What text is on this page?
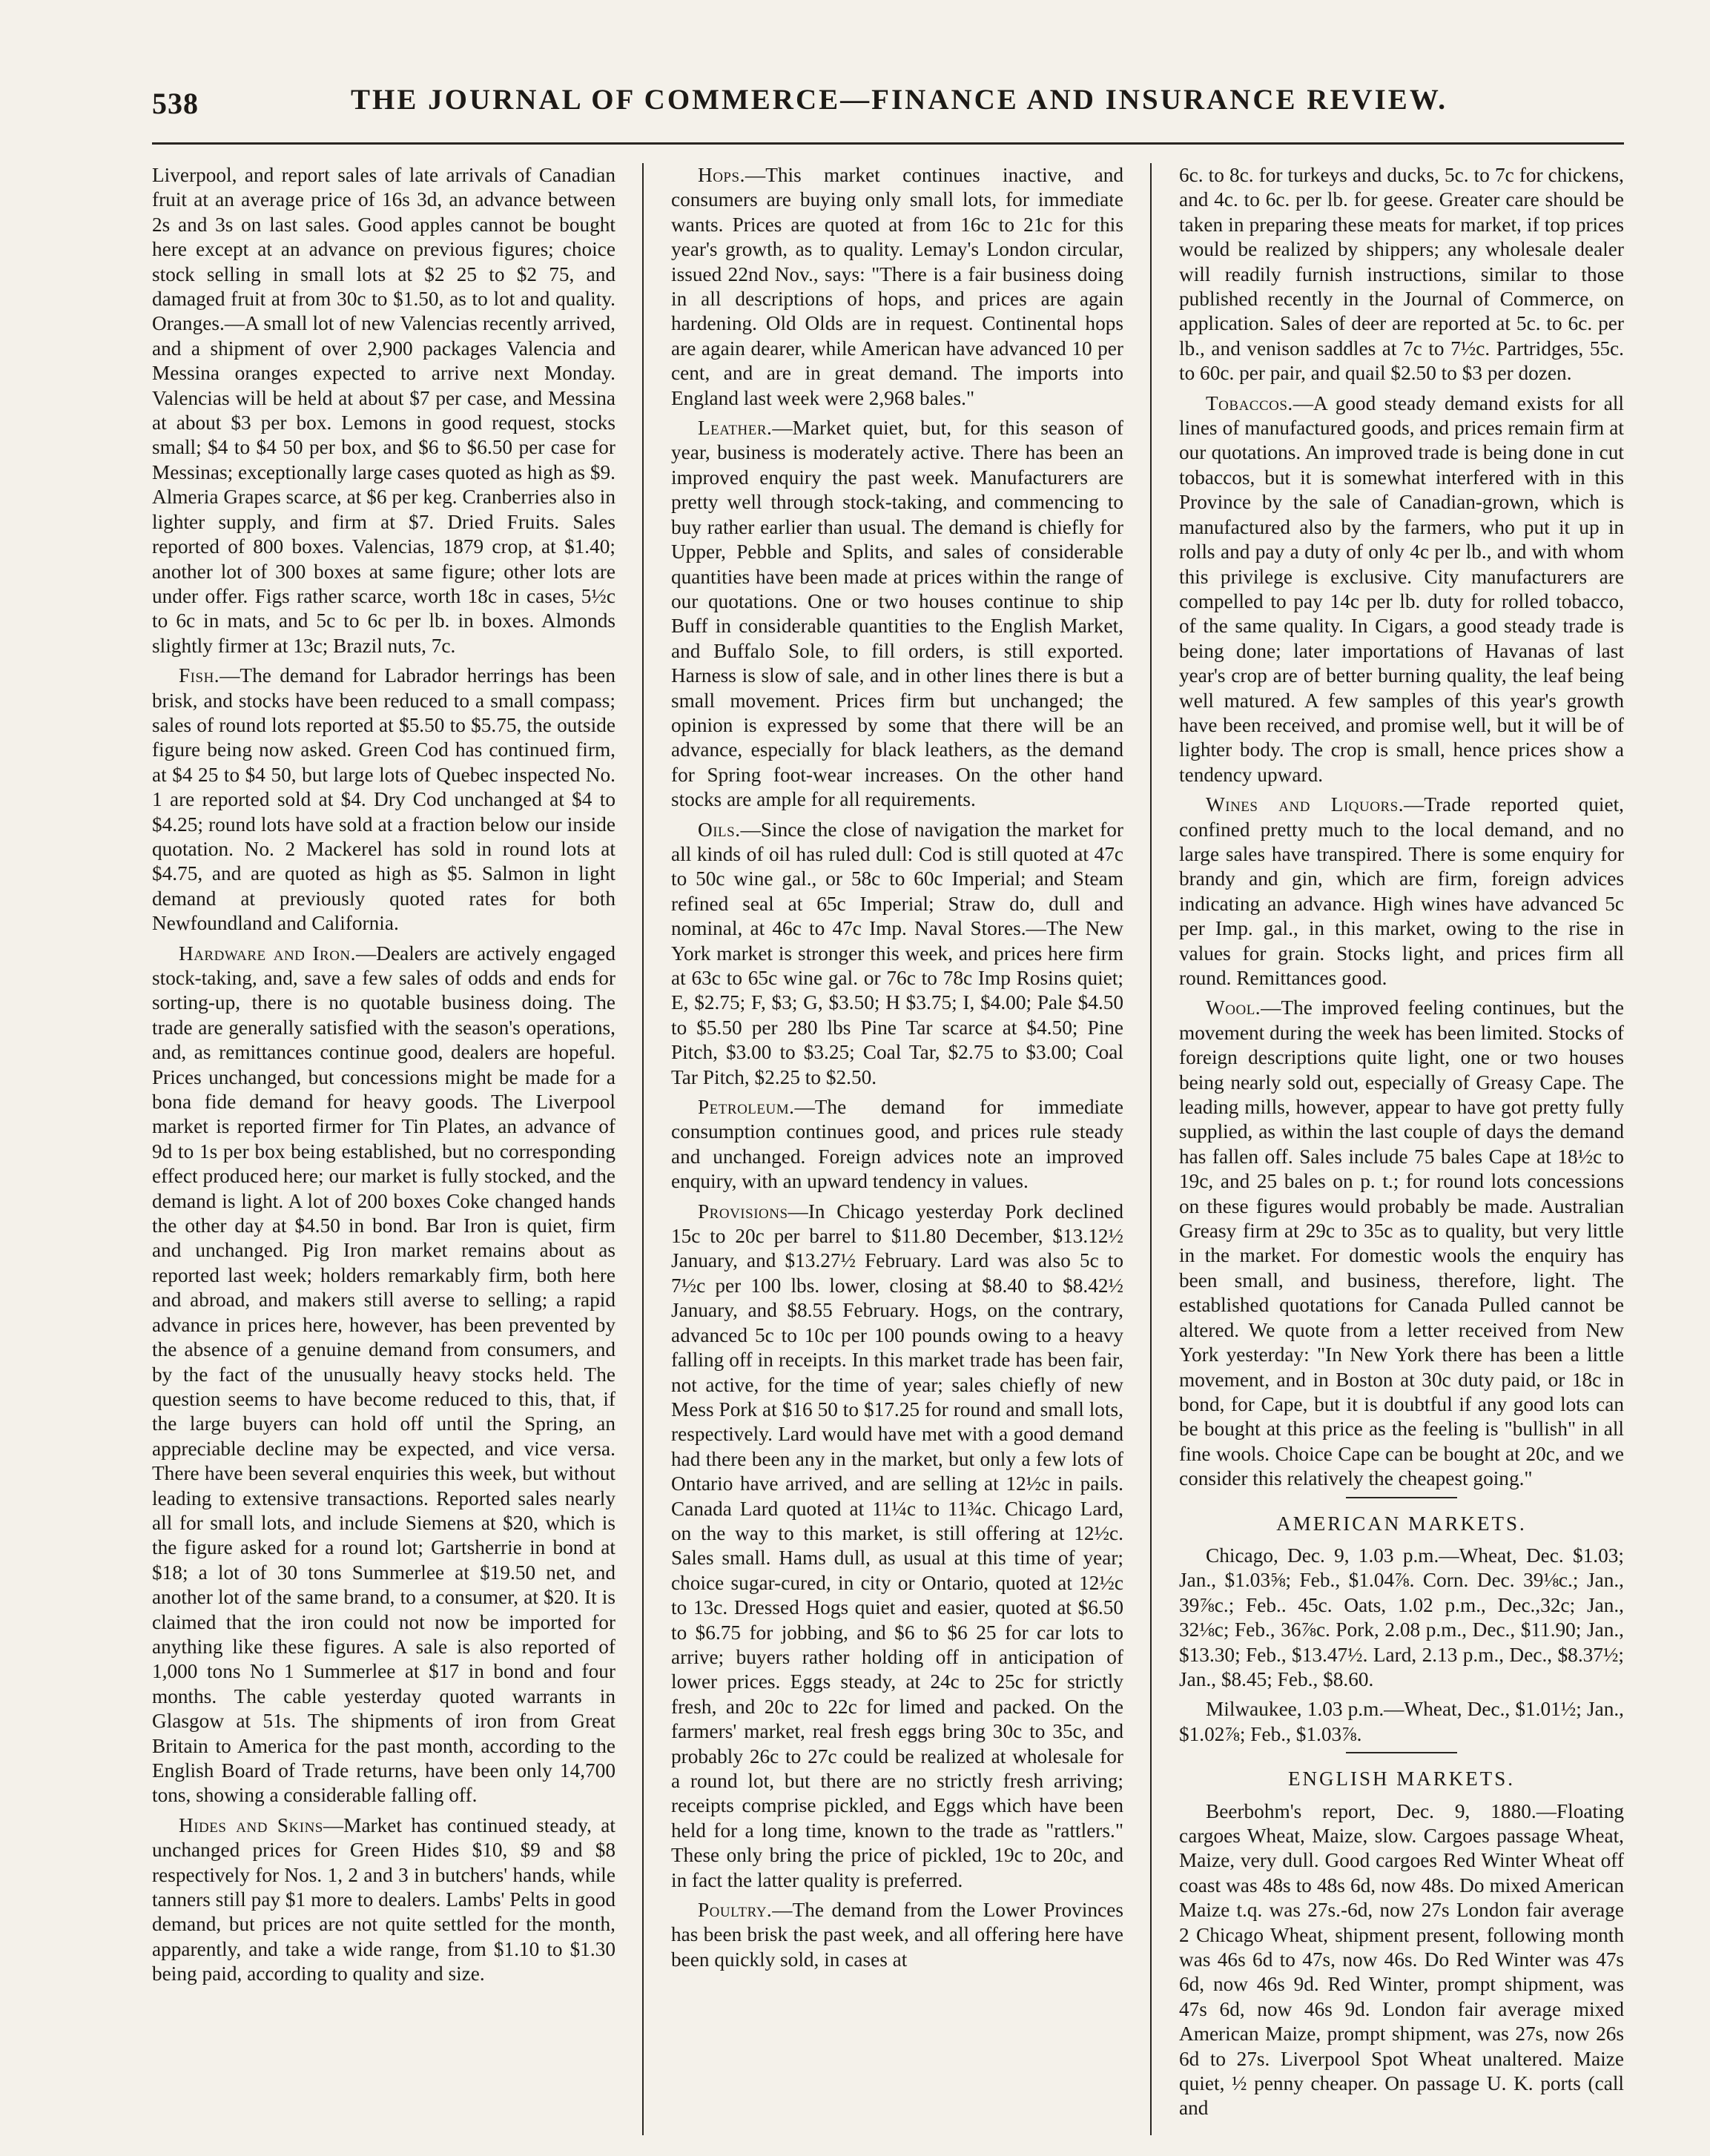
538	THE JOURNAL OF COMMERCE—FINANCE AND INSURANCE REVIEW.

Liverpool, and report sales of late arrivals of Canadian fruit at an average price of 16s 3d, an advance between 2s and 3s on last sales. Good apples cannot be bought here except at an advance on previous figures; choice stock selling in small lots at $2 25 to $2 75, and damaged fruit at from 30c to $1.50, as to lot and quality. Oranges.—A small lot of new Valencias recently arrived, and a shipment of over 2,900 packages Valencia and Messina oranges expected to arrive next Monday. Valencias will be held at about $7 per case, and Messina at about $3 per box. Lemons in good request, stocks small; $4 to $4 50 per box, and $6 to $6.50 per case for Messinas; exceptionally large cases quoted as high as $9. Almeria Grapes scarce, at $6 per keg. Cranberries also in lighter supply, and firm at $7. Dried Fruits. Sales reported of 800 boxes. Valencias, 1879 crop, at $1.40; another lot of 300 boxes at same figure; other lots are under offer. Figs rather scarce, worth 18c in cases, 5½c to 6c in mats, and 5c to 6c per lb. in boxes. Almonds slightly firmer at 13c; Brazil nuts, 7c.

Fish.—The demand for Labrador herrings has been brisk, and stocks have been reduced to a small compass; sales of round lots reported at $5.50 to $5.75, the outside figure being now asked. Green Cod has continued firm, at $4 25 to $4 50, but large lots of Quebec inspected No. 1 are reported sold at $4. Dry Cod unchanged at $4 to $4.25; round lots have sold at a fraction below our inside quotation. No. 2 Mackerel has sold in round lots at $4.75, and are quoted as high as $5. Salmon in light demand at previously quoted rates for both Newfoundland and California.

Hardware and Iron.—Dealers are actively engaged stock-taking, and, save a few sales of odds and ends for sorting-up, there is no quotable business doing. The trade are generally satisfied with the season's operations, and, as remittances continue good, dealers are hopeful. Prices unchanged, but concessions might be made for a bona fide demand for heavy goods. The Liverpool market is reported firmer for Tin Plates, an advance of 9d to 1s per box being established, but no corresponding effect produced here; our market is fully stocked, and the demand is light. A lot of 200 boxes Coke changed hands the other day at $4.50 in bond. Bar Iron is quiet, firm and unchanged. Pig Iron market remains about as reported last week; holders remarkably firm, both here and abroad, and makers still averse to selling; a rapid advance in prices here, however, has been prevented by the absence of a genuine demand from consumers, and by the fact of the unusually heavy stocks held. The question seems to have become reduced to this, that, if the large buyers can hold off until the Spring, an appreciable decline may be expected, and vice versa. There have been several enquiries this week, but without leading to extensive transactions. Reported sales nearly all for small lots, and include Siemens at $20, which is the figure asked for a round lot; Gartsherrie in bond at $18; a lot of 30 tons Summerlee at $19.50 net, and another lot of the same brand, to a consumer, at $20. It is claimed that the iron could not now be imported for anything like these figures. A sale is also reported of 1,000 tons No 1 Summerlee at $17 in bond and four months. The cable yesterday quoted warrants in Glasgow at 51s. The shipments of iron from Great Britain to America for the past month, according to the English Board of Trade returns, have been only 14,700 tons, showing a considerable falling off.

Hides and Skins—Market has continued steady, at unchanged prices for Green Hides $10, $9 and $8 respectively for Nos. 1, 2 and 3 in butchers' hands, while tanners still pay $1 more to dealers. Lambs' Pelts in good demand, but prices are not quite settled for the month, apparently, and take a wide range, from $1.10 to $1.30 being paid, according to quality and size.

Hops.—This market continues inactive, and consumers are buying only small lots, for immediate wants. Prices are quoted at from 16c to 21c for this year's growth, as to quality. Lemay's London circular, issued 22nd Nov., says: "There is a fair business doing in all descriptions of hops, and prices are again hardening. Old Olds are in request. Continental hops are again dearer, while American have advanced 10 per cent, and are in great demand. The imports into England last week were 2,968 bales."

Leather.—Market quiet, but, for this season of year, business is moderately active. There has been an improved enquiry the past week. Manufacturers are pretty well through stock-taking, and commencing to buy rather earlier than usual. The demand is chiefly for Upper, Pebble and Splits, and sales of considerable quantities have been made at prices within the range of our quotations. One or two houses continue to ship Buff in considerable quantities to the English Market, and Buffalo Sole, to fill orders, is still exported. Harness is slow of sale, and in other lines there is but a small movement. Prices firm but unchanged; the opinion is expressed by some that there will be an advance, especially for black leathers, as the demand for Spring foot-wear increases. On the other hand stocks are ample for all requirements.

Oils.—Since the close of navigation the market for all kinds of oil has ruled dull: Cod is still quoted at 47c to 50c wine gal., or 58c to 60c Imperial; and Steam refined seal at 65c Imperial; Straw do, dull and nominal, at 46c to 47c Imp. Naval Stores.—The New York market is stronger this week, and prices here firm at 63c to 65c wine gal. or 76c to 78c Imp Rosins quiet; E, $2.75; F, $3; G, $3.50; H $3.75; I, $4.00; Pale $4.50 to $5.50 per 280 lbs Pine Tar scarce at $4.50; Pine Pitch, $3.00 to $3.25; Coal Tar, $2.75 to $3.00; Coal Tar Pitch, $2.25 to $2.50.

Petroleum.—The demand for immediate consumption continues good, and prices rule steady and unchanged. Foreign advices note an improved enquiry, with an upward tendency in values.

Provisions—In Chicago yesterday Pork declined 15c to 20c per barrel to $11.80 December, $13.12½ January, and $13.27½ February. Lard was also 5c to 7½c per 100 lbs. lower, closing at $8.40 to $8.42½ January, and $8.55 February. Hogs, on the contrary, advanced 5c to 10c per 100 pounds owing to a heavy falling off in receipts. In this market trade has been fair, not active, for the time of year; sales chiefly of new Mess Pork at $16 50 to $17.25 for round and small lots, respectively. Lard would have met with a good demand had there been any in the market, but only a few lots of Ontario have arrived, and are selling at 12½c in pails. Canada Lard quoted at 11¼c to 11¾c. Chicago Lard, on the way to this market, is still offering at 12½c. Sales small. Hams dull, as usual at this time of year; choice sugar-cured, in city or Ontario, quoted at 12½c to 13c. Dressed Hogs quiet and easier, quoted at $6.50 to $6.75 for jobbing, and $6 to $6 25 for car lots to arrive; buyers rather holding off in anticipation of lower prices. Eggs steady, at 24c to 25c for strictly fresh, and 20c to 22c for limed and packed. On the farmers' market, real fresh eggs bring 30c to 35c, and probably 26c to 27c could be realized at wholesale for a round lot, but there are no strictly fresh arriving; receipts comprise pickled, and Eggs which have been held for a long time, known to the trade as "rattlers." These only bring the price of pickled, 19c to 20c, and in fact the latter quality is preferred.

Poultry.—The demand from the Lower Provinces has been brisk the past week, and all offering here have been quickly sold, in cases at

6c. to 8c. for turkeys and ducks, 5c. to 7c for chickens, and 4c. to 6c. per lb. for geese. Greater care should be taken in preparing these meats for market, if top prices would be realized by shippers; any wholesale dealer will readily furnish instructions, similar to those published recently in the Journal of Commerce, on application. Sales of deer are reported at 5c. to 6c. per lb., and venison saddles at 7c to 7½c. Partridges, 55c. to 60c. per pair, and quail $2.50 to $3 per dozen.

Tobaccos.—A good steady demand exists for all lines of manufactured goods, and prices remain firm at our quotations. An improved trade is being done in cut tobaccos, but it is somewhat interfered with in this Province by the sale of Canadian-grown, which is manufactured also by the farmers, who put it up in rolls and pay a duty of only 4c per lb., and with whom this privilege is exclusive. City manufacturers are compelled to pay 14c per lb. duty for rolled tobacco, of the same quality. In Cigars, a good steady trade is being done; later importations of Havanas of last year's crop are of better burning quality, the leaf being well matured. A few samples of this year's growth have been received, and promise well, but it will be of lighter body. The crop is small, hence prices show a tendency upward.

Wines and Liquors.—Trade reported quiet, confined pretty much to the local demand, and no large sales have transpired. There is some enquiry for brandy and gin, which are firm, foreign advices indicating an advance. High wines have advanced 5c per Imp. gal., in this market, owing to the rise in values for grain. Stocks light, and prices firm all round. Remittances good.

Wool.—The improved feeling continues, but the movement during the week has been limited. Stocks of foreign descriptions quite light, one or two houses being nearly sold out, especially of Greasy Cape. The leading mills, however, appear to have got pretty fully supplied, as within the last couple of days the demand has fallen off. Sales include 75 bales Cape at 18½c to 19c, and 25 bales on p. t.; for round lots concessions on these figures would probably be made. Australian Greasy firm at 29c to 35c as to quality, but very little in the market. For domestic wools the enquiry has been small, and business, therefore, light. The established quotations for Canada Pulled cannot be altered. We quote from a letter received from New York yesterday: "In New York there has been a little movement, and in Boston at 30c duty paid, or 18c in bond, for Cape, but it is doubtful if any good lots can be bought at this price as the feeling is "bullish" in all fine wools. Choice Cape can be bought at 20c, and we consider this relatively the cheapest going."

AMERICAN MARKETS.

Chicago, Dec. 9, 1.03 p.m.—Wheat, Dec. $1.03; Jan., $1.03⅝; Feb., $1.04⅞. Corn. Dec. 39⅛c.; Jan., 39⅞c.; Feb.. 45c. Oats, 1.02 p.m., Dec.,32c; Jan., 32⅛c; Feb., 36⅞c. Pork, 2.08 p.m., Dec., $11.90; Jan., $13.30; Feb., $13.47½. Lard, 2.13 p.m., Dec., $8.37½; Jan., $8.45; Feb., $8.60.

Milwaukee, 1.03 p.m.—Wheat, Dec., $1.01½; Jan., $1.02⅞; Feb., $1.03⅞.

ENGLISH MARKETS.

Beerbohm's report, Dec. 9, 1880.—Floating cargoes Wheat, Maize, slow. Cargoes passage Wheat, Maize, very dull. Good cargoes Red Winter Wheat off coast was 48s to 48s 6d, now 48s. Do mixed American Maize t.q. was 27s.-6d, now 27s London fair average 2 Chicago Wheat, shipment present, following month was 46s 6d to 47s, now 46s. Do Red Winter was 47s 6d, now 46s 9d. Red Winter, prompt shipment, was 47s 6d, now 46s 9d. London fair average mixed American Maize, prompt shipment, was 27s, now 26s 6d to 27s. Liverpool Spot Wheat unaltered. Maize quiet, ½ penny cheaper. On passage U. K. ports (call and
